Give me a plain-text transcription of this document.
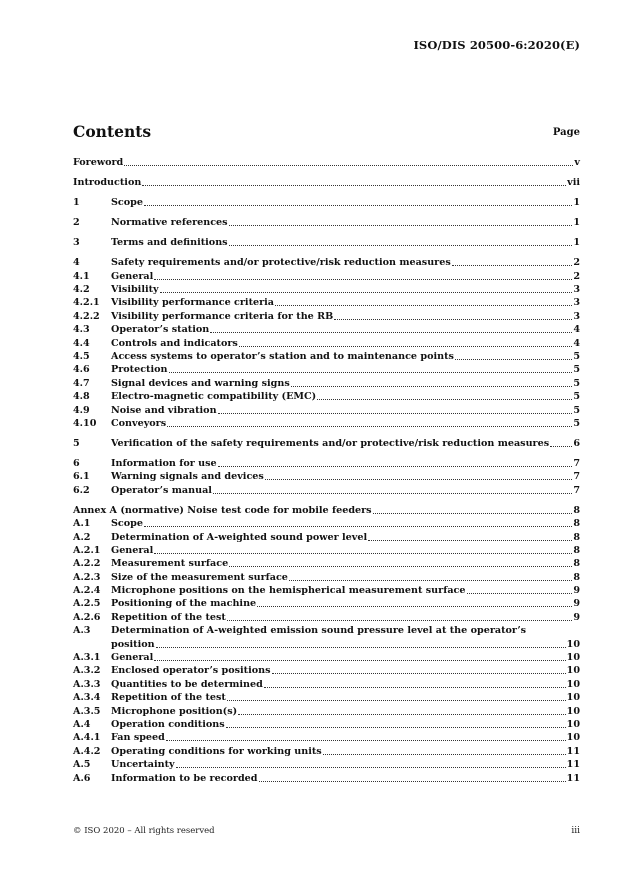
ISO/DIS 20500-6:2020(E)
Contents	Page
Foreword	v
Introduction	vii
1	Scope	1
2	Normative references	1
3	Terms and definitions	1
4	Safety requirements and/or protective/risk reduction measures	2
4.1	General	2
4.2	Visibility	3
4.2.1	Visibility performance criteria	3
4.2.2	Visibility performance criteria for the RB	3
4.3	Operator’s station	4
4.4	Controls and indicators	4
4.5	Access systems to operator’s station and to maintenance points	5
4.6	Protection	5
4.7	Signal devices and warning signs	5
4.8	Electro-magnetic compatibility (EMC)	5
4.9	Noise and vibration	5
4.10	Conveyors	5
5	Verification of the safety requirements and/or protective/risk reduction measures	6
6	Information for use	7
6.1	Warning signals and devices	7
6.2	Operator’s manual	7
Annex A (normative) Noise test code for mobile feeders	8
A.1	Scope	8
A.2	Determination of A-weighted sound power level	8
A.2.1	General	8
A.2.2	Measurement surface	8
A.2.3	Size of the measurement surface	8
A.2.4	Microphone positions on the hemispherical measurement surface	9
A.2.5	Positioning of the machine	9
A.2.6	Repetition of the test	9
A.3	Determination of A-weighted emission sound pressure level at the operator’s
position	10
A.3.1	General	10
A.3.2	Enclosed operator’s positions	10
A.3.3	Quantities to be determined	10
A.3.4	Repetition of the test	10
A.3.5	Microphone position(s)	10
A.4	Operation conditions	10
A.4.1	Fan speed	10
A.4.2	Operating conditions for working units	11
A.5	Uncertainty	11
A.6	Information to be recorded	11
© ISO 2020 – All rights reserved	iii
